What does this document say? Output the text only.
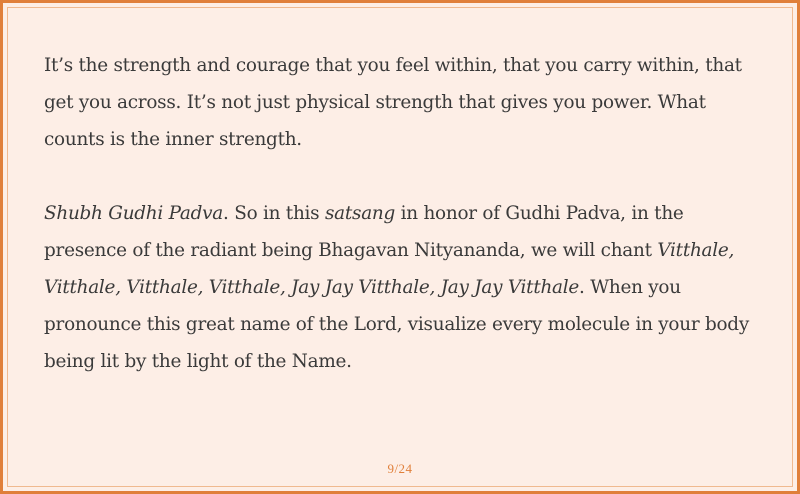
It’s the strength and courage that you feel within, that you carry within, that get you across. It’s not just physical strength that gives you power. What counts is the inner strength.

Shubh Gudhi Padva. So in this satsang in honor of Gudhi Padva, in the presence of the radiant being Bhagavan Nityananda, we will chant Vitthale, Vitthale, Vitthale, Vitthale, Jay Jay Vitthale, Jay Jay Vitthale. When you pronounce this great name of the Lord, visualize every molecule in your body being lit by the light of the Name.

9/24
